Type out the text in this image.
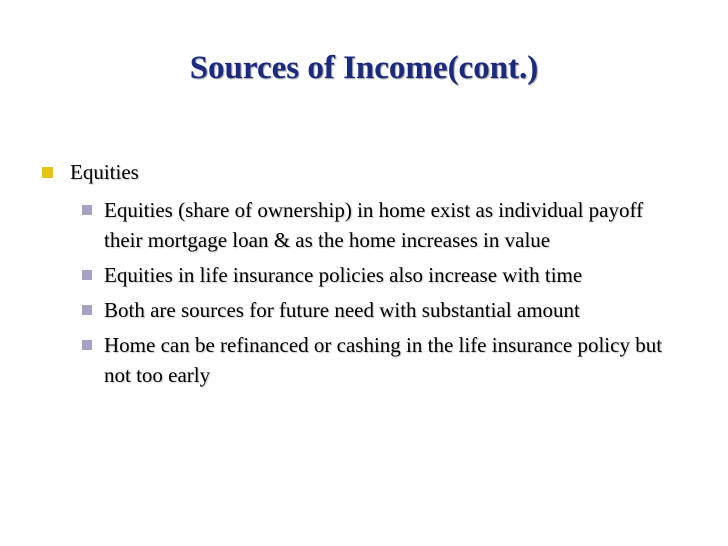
Sources of Income(cont.)
Equities
Equities (share of ownership) in home exist as individual payoff their mortgage loan & as the home increases in value
Equities in life insurance policies also increase with time
Both are sources for future need with substantial amount
Home can be refinanced or cashing in the life insurance policy but not too early
